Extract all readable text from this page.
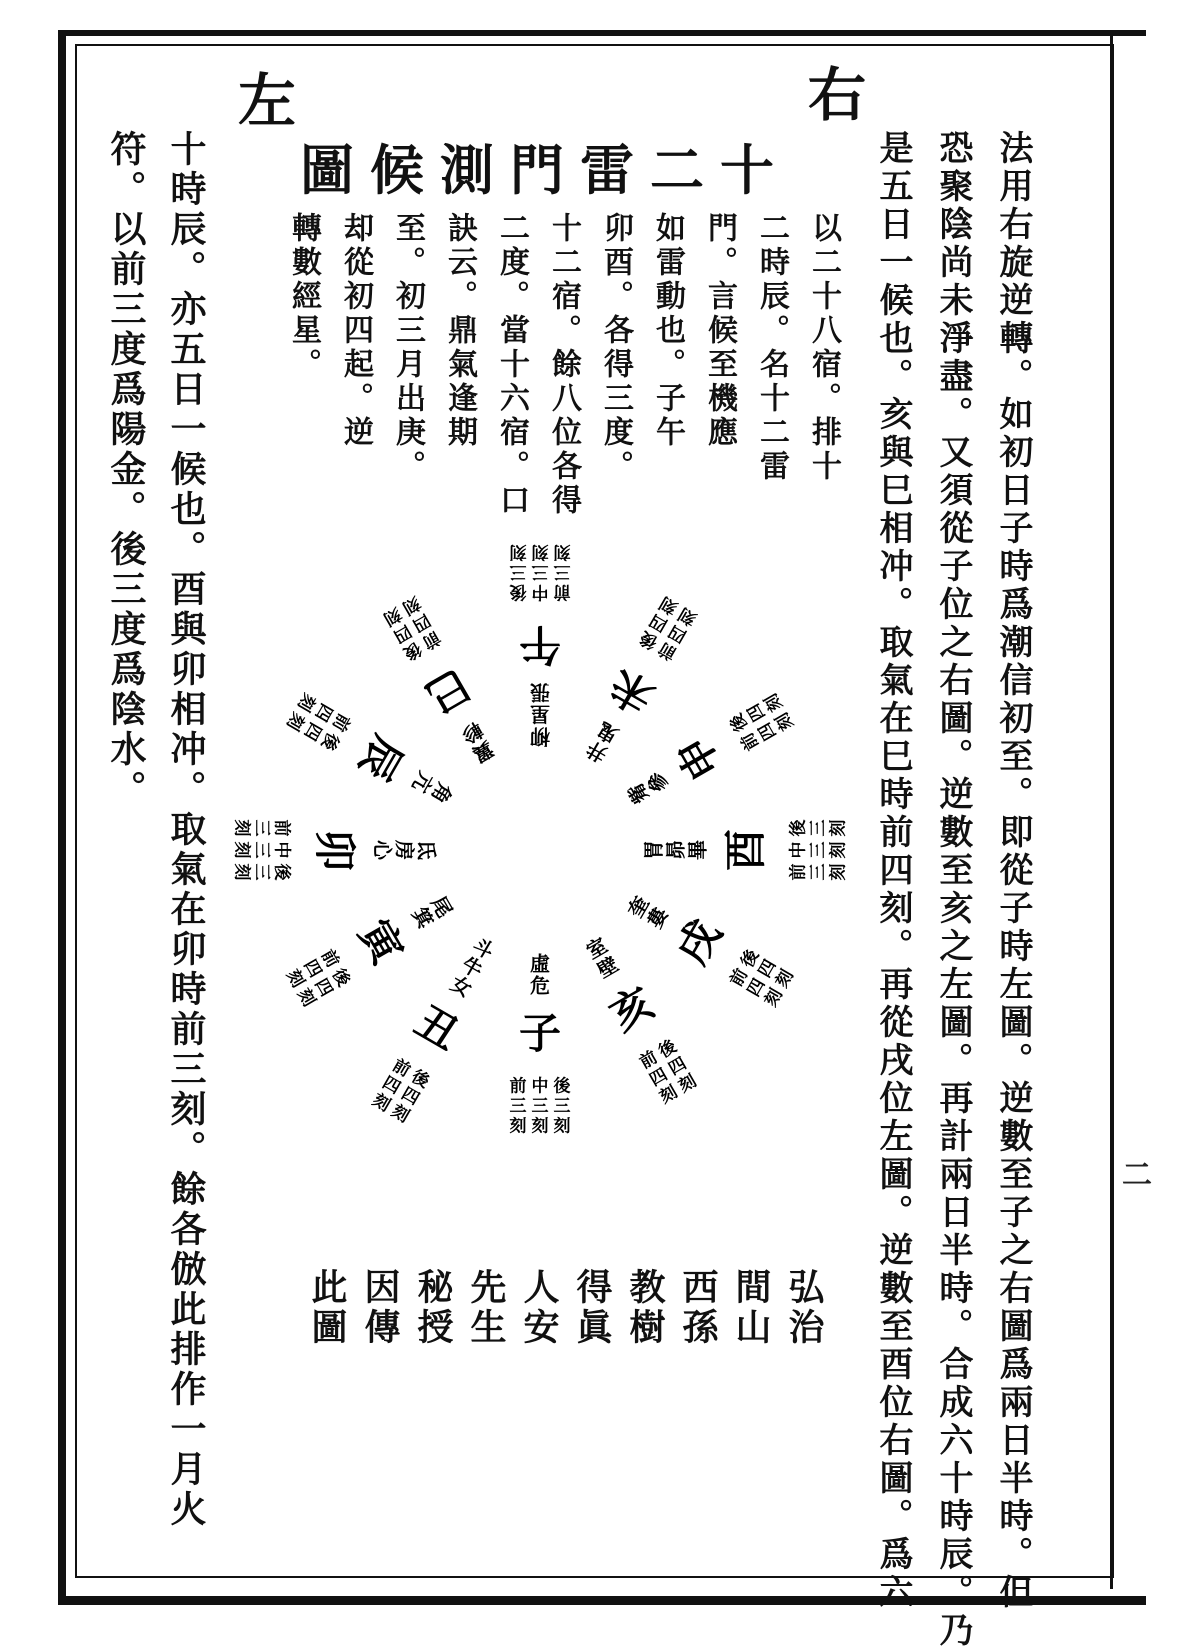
二
右
左
十二雷門測候圖	法用右旋逆轉。如初日子時爲潮信初至。即從子時左圖。逆數至子之右圖爲兩日半時。但
恐聚陰尚未淨盡。又須從子位之右圖。逆數至亥之左圖。再計兩日半時。合成六十時辰。乃
是五日一候也。亥與巳相冲。取氣在巳時前四刻。再從戌位左圖。逆數至酉位右圖。爲六
以二十八宿。排十
二時辰。名十二雷
門。言候至機應
如雷動也。子午
卯酉。各得三度。
十二宿。餘八位各得
二度。當十六宿。口
訣云。鼎氣逢期
至。初三月出庚。
却從初四起。逆
轉數經星。
十時辰。亦五日一候也。酉與卯相冲。取氣在卯時前三刻。餘各倣此排作一月火
符。以前三度爲陽金。後三度爲陰水。
弘治
間山
西孫
教樹
得眞
人安
先生
秘授
因傳
此圖
虛
危
子
後
三
刻
中
三
刻
前
三
刻
室
壁
亥
後
四
刻
前
四
刻
奎
婁
戌 後
四
刻
前
四
刻
胃
昴
畢 酉
後 三 刻
中 三 刻
前 三 刻
觜
參
申
後
四
刻
前
四
刻
井
鬼
未
後
四
刻
前
四
刻
柳
星
張
午
後
三
刻
中
三
刻
前
三
刻
翼
軫
巳
後
四
刻
前
四
刻
角
亢
辰
後
四
刻 前
四
刻
氐
房
心
卯
後
三
刻
中
三
刻
前
三
刻
尾
箕
寅
後
四
刻
前
四
刻
斗
牛
女
丑
後
四
刻
前
四
刻
